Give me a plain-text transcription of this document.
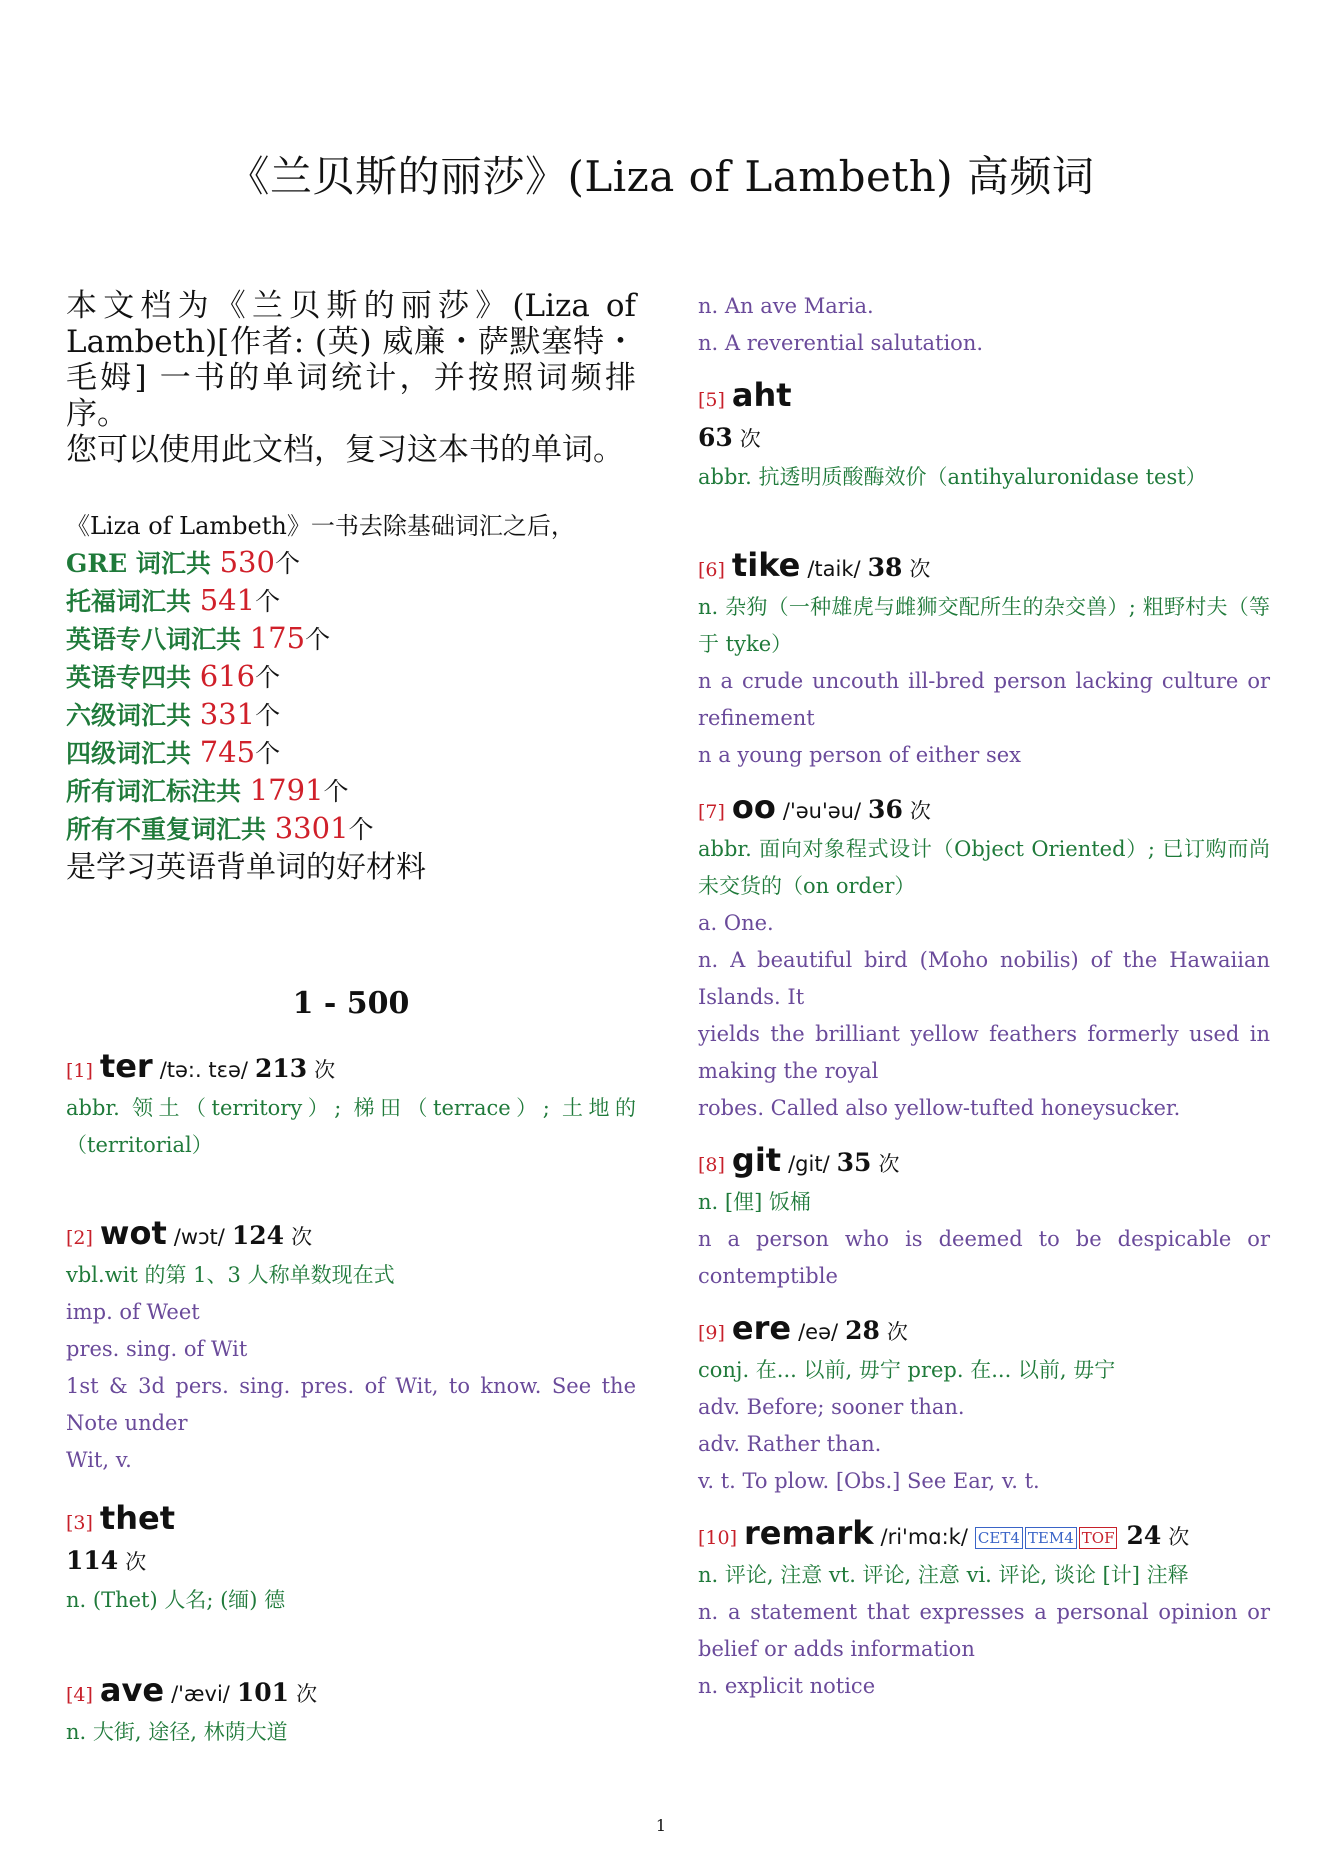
《兰贝斯的丽莎》(Liza of Lambeth) 高频词

本文档为《兰贝斯的丽莎》(Liza of Lambeth)[作者: (英) 威廉・萨默塞特・毛姆] 一书的单词统计，并按照词频排序。

您可以使用此文档，复习这本书的单词。

《Liza of Lambeth》一书去除基础词汇之后，
GRE 词汇共 530个
托福词汇共 541个
英语专八词汇共 175个
英语专四共 616个
六级词汇共 331个
四级词汇共 745个
所有词汇标注共 1791个
所有不重复词汇共 3301个
是学习英语背单词的好材料
1 - 500
[1] ter /tə:. tɛə/ 213 次
abbr. 领土（territory）; 梯田（terrace）; 土地的（territorial）
[2] wot /wɔt/ 124 次
vbl.wit 的第 1、3 人称单数现在式
imp. of Weet
pres. sing. of Wit
1st & 3d pers. sing. pres. of Wit, to know. See the Note under
Wit, v.
[3] thet
114 次
n. (Thet) 人名; (缅) 德
[4] ave /'ævi/ 101 次
n. 大街, 途径, 林荫大道
n. An ave Maria.
n. A reverential salutation.
[5] aht
63 次
abbr. 抗透明质酸酶效价（antihyaluronidase test）
[6] tike /taik/ 38 次
n. 杂狗（一种雄虎与雌狮交配所生的杂交兽）; 粗野村夫（等于 tyke）
n a crude uncouth ill-bred person lacking culture or refinement
n a young person of either sex
[7] oo /'əu'əu/ 36 次
abbr. 面向对象程式设计（Object Oriented）; 已订购而尚未交货的（on order）
a. One.
n. A beautiful bird (Moho nobilis) of the Hawaiian Islands. It
yields the brilliant yellow feathers formerly used in making the royal
robes. Called also yellow-tufted honeysucker.
[8] git /git/ 35 次
n. [俚] 饭桶
n a person who is deemed to be despicable or contemptible
[9] ere /eə/ 28 次
conj. 在... 以前, 毋宁 prep. 在... 以前, 毋宁
adv. Before; sooner than.
adv. Rather than.
v. t. To plow. [Obs.] See Ear, v. t.
[10] remark /ri'mɑ:k/ CET4 TEM4 TOF 24 次
n. 评论, 注意 vt. 评论, 注意 vi. 评论, 谈论 [计] 注释
n. a statement that expresses a personal opinion or belief or adds information
n. explicit notice
1
